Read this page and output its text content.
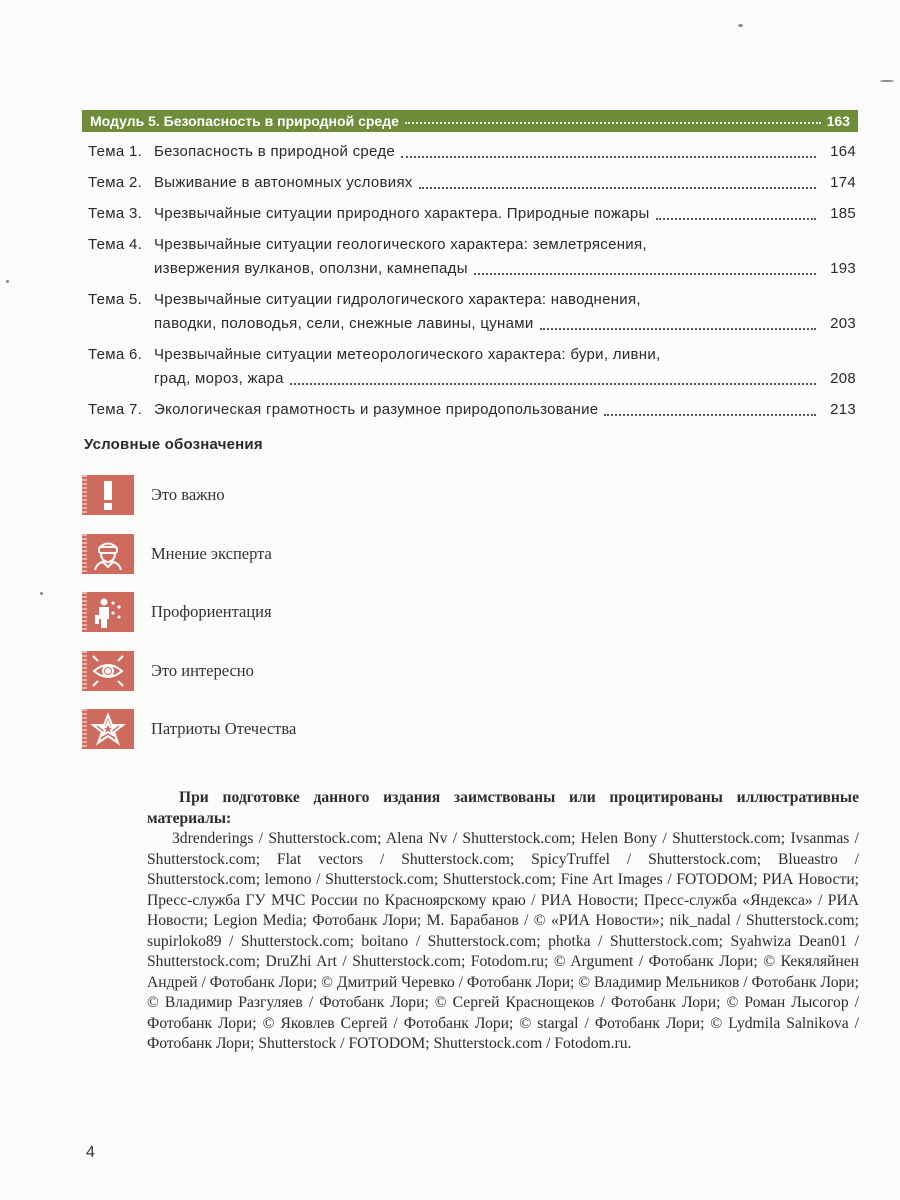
Модуль 5. Безопасность в природной среде	163
Тема 1. Безопасность в природной среде	164
Тема 2. Выживание в автономных условиях	174
Тема 3. Чрезвычайные ситуации природного характера. Природные пожары	185
Тема 4. Чрезвычайные ситуации геологического характера: землетрясения,
извержения вулканов, оползни, камнепады	193
Тема 5. Чрезвычайные ситуации гидрологического характера: наводнения,
паводки, половодья, сели, снежные лавины, цунами	203
Тема 6. Чрезвычайные ситуации метеорологического характера: бури, ливни,
град, мороз, жара	208
Тема 7. Экологическая грамотность и разумное природопользование	213
Условные обозначения
Это важно
Мнение эксперта
Профориентация
Это интересно
Патриоты Отечества
При подготовке данного издания заимствованы или процитированы иллюстративные материалы:
3drenderings / Shutterstock.com; Alena Nv / Shutterstock.com; Helen Bony / Shutterstock.com; Ivsanmas / Shutterstock.com; Flat vectors / Shutterstock.com; SpicyTruffel / Shutterstock.com; Blueastro / Shutterstock.com; lemono / Shutterstock.com; Shutterstock.com; Fine Art Images / FOTODOM; РИА Новости; Пресс-служба ГУ МЧС России по Красноярскому краю / РИА Новости; Пресс-служба «Яндекса» / РИА Новости; Legion Media; Фотобанк Лори; М. Барабанов / © «РИА Новости»; nik_nadal / Shutterstock.com; supirloko89 / Shutterstock.com; boitano / Shutterstock.com; photka / Shutterstock.com; Syahwiza Dean01 / Shutterstock.com; DruZhi Art / Shutterstock.com; Fotodom.ru; © Argument / Фотобанк Лори; © Кекяляйнен Андрей / Фотобанк Лори; © Дмитрий Черевко / Фотобанк Лори; © Владимир Мельников / Фотобанк Лори; © Владимир Разгуляев / Фотобанк Лори; © Сергей Краснощеков / Фотобанк Лори; © Роман Лысогор / Фотобанк Лори; © Яковлев Сергей / Фотобанк Лори; © stargal / Фотобанк Лори; © Lydmila Salnikova / Фотобанк Лори; Shutterstock / FOTODOM; Shutterstock.com / Fotodom.ru.
4
